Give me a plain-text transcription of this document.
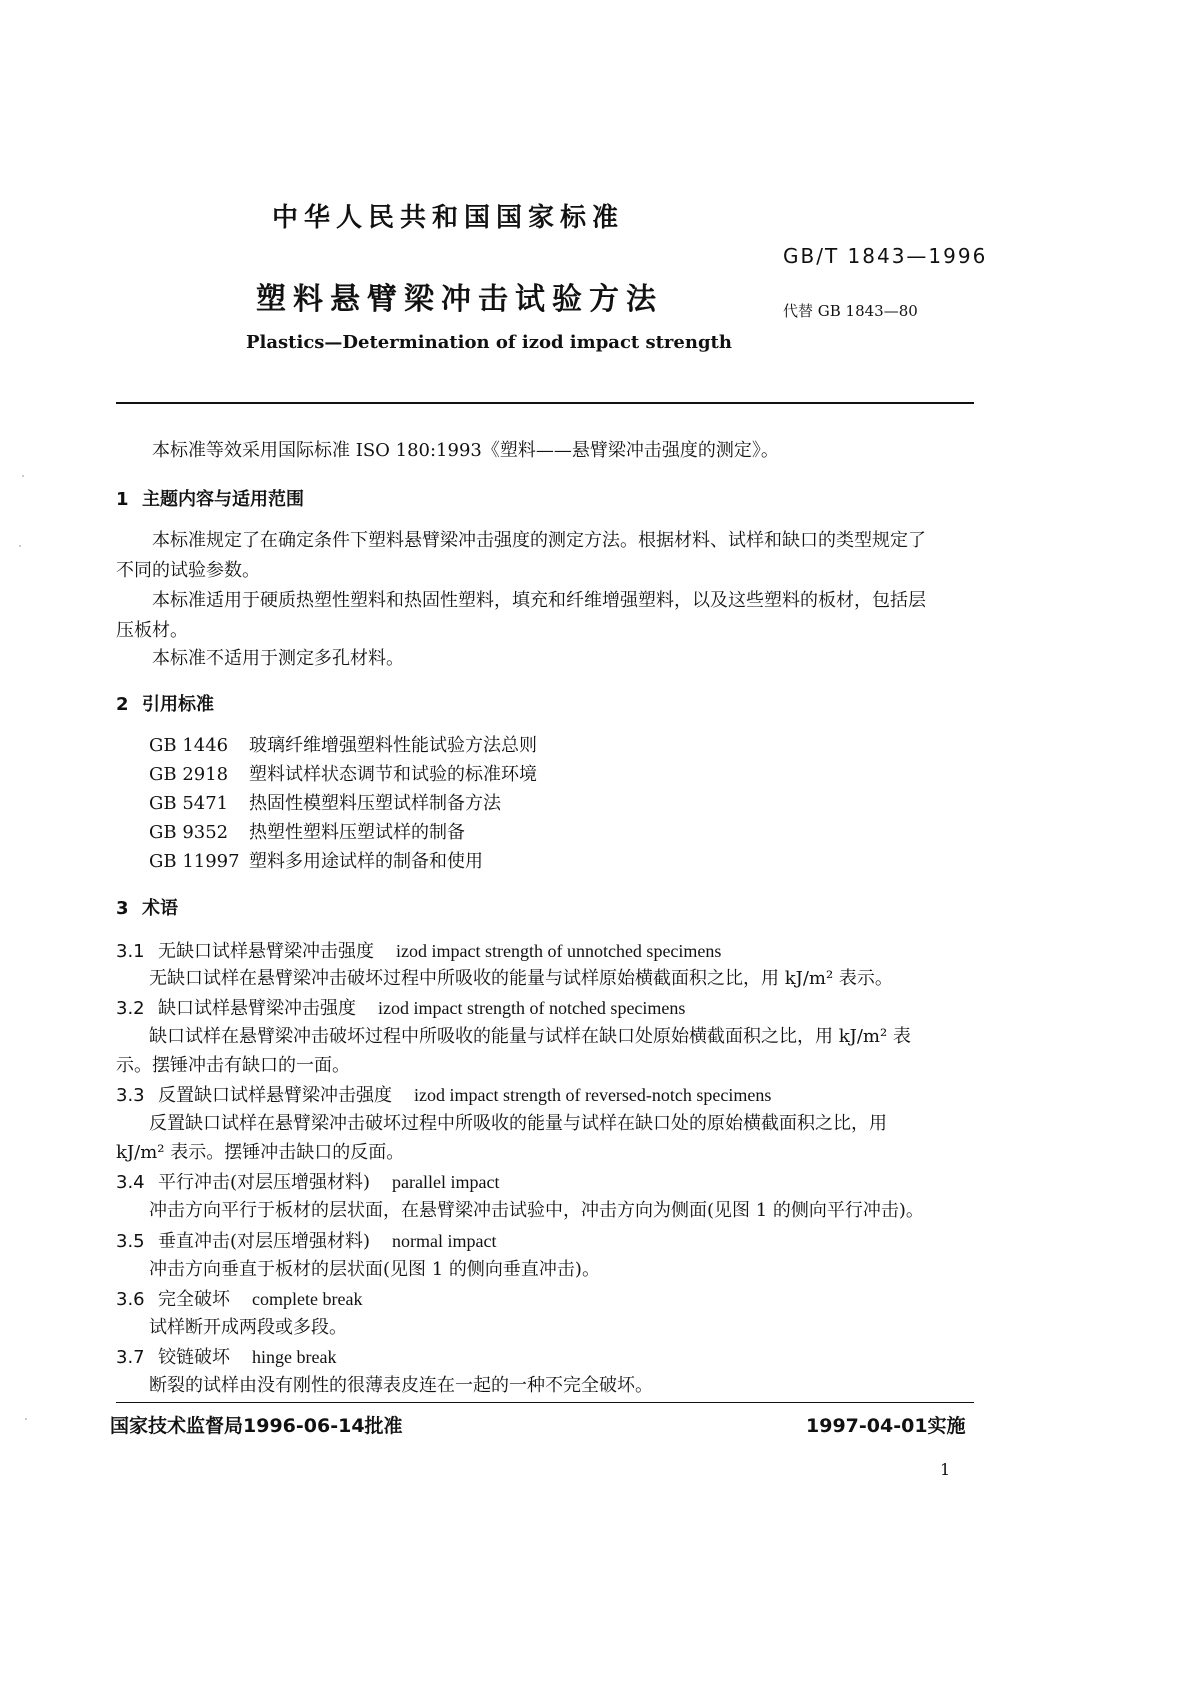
中华人民共和国国家标准
GB/T 1843—1996
塑料悬臂梁冲击试验方法	代替 GB 1843—80
Plastics—Determination of izod impact strength
本标准等效采用国际标准 ISO 180:1993《塑料——悬臂梁冲击强度的测定》。
1 主题内容与适用范围
本标准规定了在确定条件下塑料悬臂梁冲击强度的测定方法。根据材料、试样和缺口的类型规定了
不同的试验参数。
本标准适用于硬质热塑性塑料和热固性塑料，填充和纤维增强塑料，以及这些塑料的板材，包括层
压板材。
本标准不适用于测定多孔材料。
2 引用标准
GB 1446 玻璃纤维增强塑料性能试验方法总则
GB 2918 塑料试样状态调节和试验的标准环境
GB 5471 热固性模塑料压塑试样制备方法
GB 9352 热塑性塑料压塑试样的制备
GB 11997 塑料多用途试样的制备和使用
3 术语
3.1 无缺口试样悬臂梁冲击强度 izod impact strength of unnotched specimens
无缺口试样在悬臂梁冲击破坏过程中所吸收的能量与试样原始横截面积之比，用 kJ/m² 表示。
3.2 缺口试样悬臂梁冲击强度 izod impact strength of notched specimens
缺口试样在悬臂梁冲击破坏过程中所吸收的能量与试样在缺口处原始横截面积之比，用 kJ/m² 表
示。摆锤冲击有缺口的一面。
3.3 反置缺口试样悬臂梁冲击强度 izod impact strength of reversed-notch specimens
反置缺口试样在悬臂梁冲击破坏过程中所吸收的能量与试样在缺口处的原始横截面积之比，用
kJ/m² 表示。摆锤冲击缺口的反面。
3.4 平行冲击(对层压增强材料) parallel impact
冲击方向平行于板材的层状面，在悬臂梁冲击试验中，冲击方向为侧面(见图 1 的侧向平行冲击)。
3.5 垂直冲击(对层压增强材料) normal impact
冲击方向垂直于板材的层状面(见图 1 的侧向垂直冲击)。
3.6 完全破坏 complete break
试样断开成两段或多段。
3.7 铰链破坏 hinge break
断裂的试样由没有刚性的很薄表皮连在一起的一种不完全破坏。
国家技术监督局1996-06-14批准	1997-04-01实施
1
